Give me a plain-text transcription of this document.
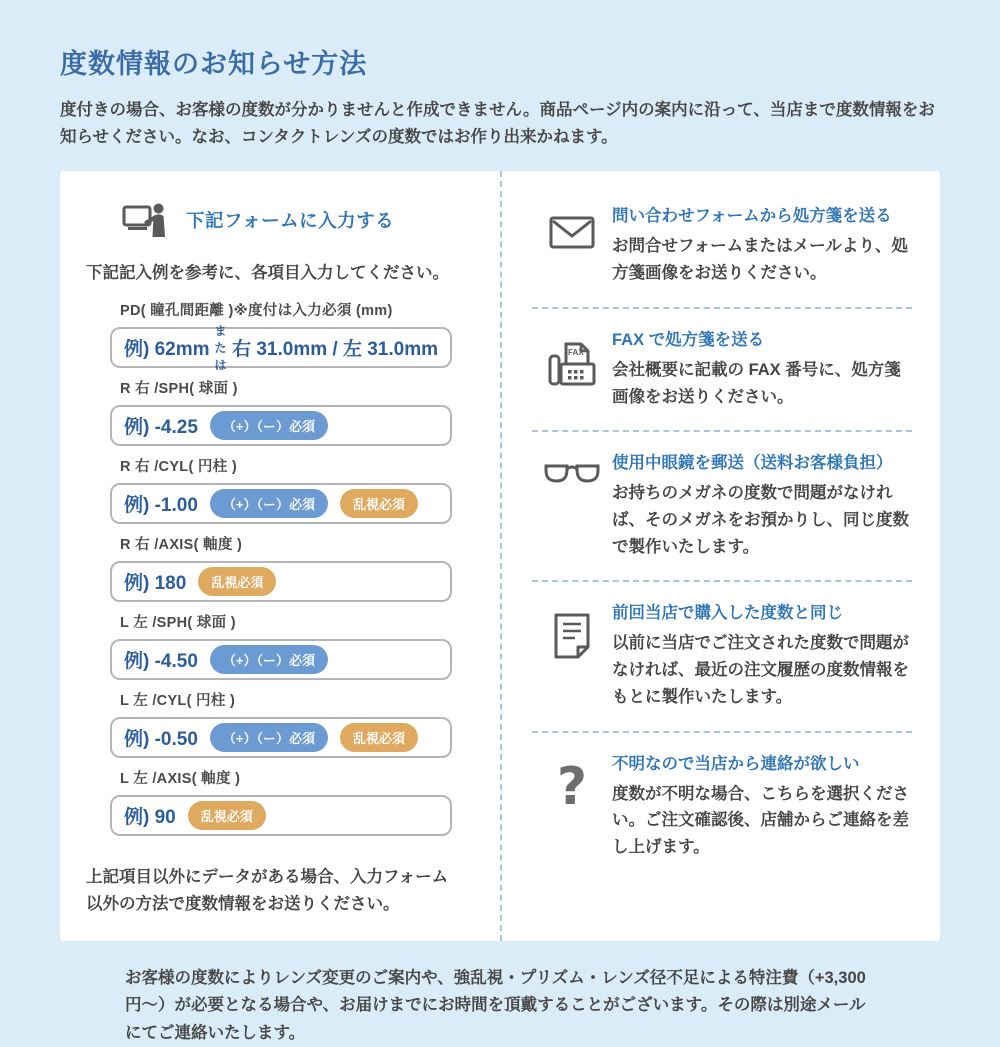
度数情報のお知らせ方法
度付きの場合、お客様の度数が分かりませんと作成できません。商品ページ内の案内に沿って、当店まで度数情報をお知らせください。なお、コンタクトレンズの度数ではお作り出来かねます。
下記フォームに入力する
下記記入例を参考に、各項目入力してください。
PD( 瞳孔間距離 )※度付は入力必須 (mm)
例) 62mm
または
右 31.0mm / 左 31.0mm
R 右 /SPH( 球面 )
例) -4.25	（+）（ー）必須
R 右 /CYL( 円柱 )
例) -1.00	（+）（ー）必須	乱視必須
R 右 /AXIS( 軸度 )
例) 180	乱視必須
L 左 /SPH( 球面 )
例) -4.50	（+）（ー）必須
L 左 /CYL( 円柱 )
例) -0.50	（+）（ー）必須	乱視必須
L 左 /AXIS( 軸度 )
例) 90	乱視必須
上記項目以外にデータがある場合、入力フォーム以外の方法で度数情報をお送りください。
問い合わせフォームから処方箋を送る
お問合せフォームまたはメールより、処方箋画像をお送りください。
FAX
FAX で処方箋を送る
会社概要に記載の FAX 番号に、処方箋画像をお送りください。
使用中眼鏡を郵送（送料お客様負担）
お持ちのメガネの度数で問題がなければ、そのメガネをお預かりし、同じ度数で製作いたします。
前回当店で購入した度数と同じ
以前に当店でご注文された度数で問題がなければ、最近の注文履歴の度数情報をもとに製作いたします。
? 不明なので当店から連絡が欲しい
度数が不明な場合、こちらを選択ください。ご注文確認後、店舗からご連絡を差し上げます。
お客様の度数によりレンズ変更のご案内や、強乱視・プリズム・レンズ径不足による特注費（+3,300 円〜）が必要となる場合や、お届けまでにお時間を頂戴することがございます。その際は別途メールにてご連絡いたします。
